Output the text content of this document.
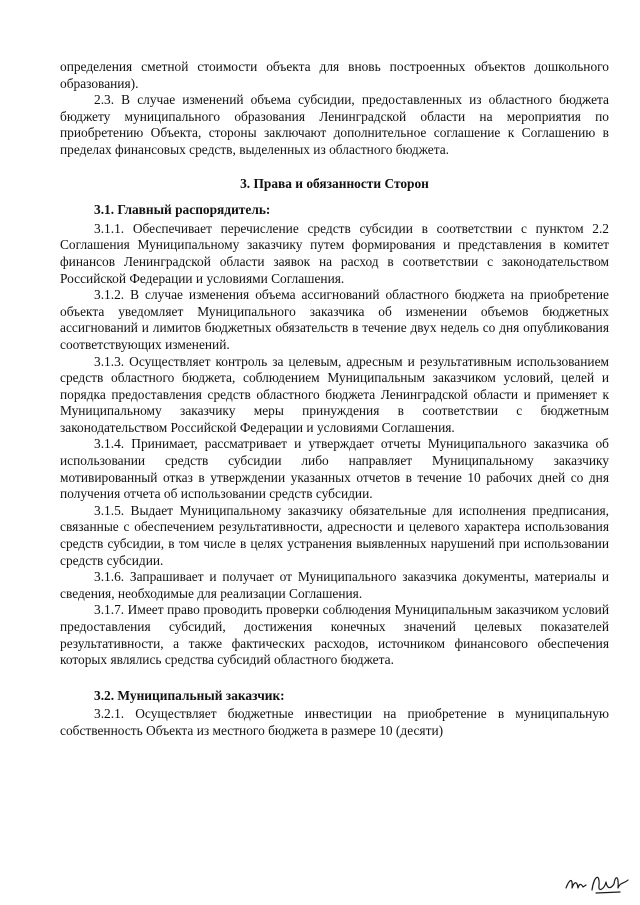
определения сметной стоимости объекта для вновь построенных объектов дошкольного образования).

2.3. В случае изменений объема субсидии, предоставленных из областного бюджета бюджету муниципального образования Ленинградской области на мероприятия по приобретению Объекта, стороны заключают дополнительное соглашение к Соглашению в пределах финансовых средств, выделенных из областного бюджета.

3. Права и обязанности Сторон
3.1. Главный распорядитель:

3.1.1. Обеспечивает перечисление средств субсидии в соответствии с пунктом 2.2 Соглашения Муниципальному заказчику путем формирования и представления в комитет финансов Ленинградской области заявок на расход в соответствии с законодательством Российской Федерации и условиями Соглашения.

3.1.2. В случае изменения объема ассигнований областного бюджета на приобретение объекта уведомляет Муниципального заказчика об изменении объемов бюджетных ассигнований и лимитов бюджетных обязательств в течение двух недель со дня опубликования соответствующих изменений.

3.1.3. Осуществляет контроль за целевым, адресным и результативным использованием средств областного бюджета, соблюдением Муниципальным заказчиком условий, целей и порядка предоставления средств областного бюджета Ленинградской области и применяет к Муниципальному заказчику меры принуждения в соответствии с бюджетным законодательством Российской Федерации и условиями Соглашения.

3.1.4. Принимает, рассматривает и утверждает отчеты Муниципального заказчика об использовании средств субсидии либо направляет Муниципальному заказчику мотивированный отказ в утверждении указанных отчетов в течение 10 рабочих дней со дня получения отчета об использовании средств субсидии.

3.1.5. Выдает Муниципальному заказчику обязательные для исполнения предписания, связанные с обеспечением результативности, адресности и целевого характера использования средств субсидии, в том числе в целях устранения выявленных нарушений при использовании средств субсидии.

3.1.6. Запрашивает и получает от Муниципального заказчика документы, материалы и сведения, необходимые для реализации Соглашения.

3.1.7. Имеет право проводить проверки соблюдения Муниципальным заказчиком условий предоставления субсидий, достижения конечных значений целевых показателей результативности, а также фактических расходов, источником финансового обеспечения которых являлись средства субсидий областного бюджета.

3.2. Муниципальный заказчик:

3.2.1. Осуществляет бюджетные инвестиции на приобретение в муниципальную собственность Объекта из местного бюджета в размере 10 (десяти)
